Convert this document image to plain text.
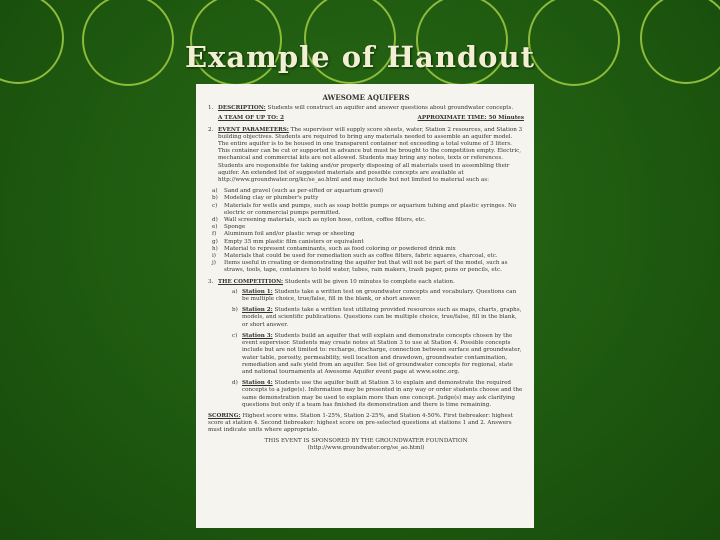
Example of Handout
AWESOME AQUIFERS
1. DESCRIPTION: Students will construct an aquifer and answer questions about groundwater concepts.
A TEAM OF UP TO: 2	APPROXIMATE TIME: 50 Minutes
2. EVENT PARAMETERS: The supervisor will supply score sheets, water, Station 2 resources, and Station 3 building objectives. Students are required to bring any materials needed to assemble an aquifer model. The entire aquifer is to be housed in one transparent container not exceeding a total volume of 3 liters. This container can be cut or supported in advance but must be brought to the competition empty. Electric, mechanical and commercial kits are not allowed. Students may bring any notes, texts or references. Students are responsible for taking and/or properly disposing of all materials used in assembling their aquifer. An extended list of suggested materials and possible concepts are available at http://www.groundwater.org/kc/se_ao.html and may include but not limited to material such as:
a)	Sand and gravel (such as per-sifted or aquarium gravel)
b)	Modeling clay or plumber's putty
c)	Materials for wells and pumps, such as soap bottle pumps or aquarium tubing and plastic syringes. No electric or commercial pumps permitted.
d)	Wall screening materials, such as nylon hose, cotton, coffee filters, etc.
e)	Sponge
f)	Aluminum foil and/or plastic wrap or sheeting
g)	Empty 35 mm plastic film canisters or equivalent
h)	Material to represent contaminants, such as food coloring or powdered drink mix
i)	Materials that could be used for remediation such as coffee filters, fabric squares, charcoal, etc.
j)	Items useful in creating or demonstrating the aquifer but that will not be part of the model, such as straws, tools, tape, containers to hold water, tubes, rain makers, trash paper, pens or pencils, etc.
3. THE COMPETITION: Students will be given 10 minutes to complete each station.
a) Station 1: Students take a written test on groundwater concepts and vocabulary. Questions can be multiple choice, true/false, fill in the blank, or short answer.
b) Station 2: Students take a written test utilizing provided resources such as maps, charts, graphs, models, and scientific publications. Questions can be multiple choice, true/false, fill in the blank, or short answer.
c) Station 3: Students build an aquifer that will explain and demonstrate concepts chosen by the event supervisor. Students may create notes at Station 3 to use at Station 4. Possible concepts include but are not limited to: recharge, discharge, connection between surface and groundwater, water table, porosity, permeability, well location and drawdown, groundwater contamination, remediation and safe yield from an aquifer. See list of groundwater concepts for regional, state and national tournaments at Awesome Aquifer event page at www.soinc.org.
d) Station 4: Students use the aquifer built at Station 3 to explain and demonstrate the required concepts to a judge(s). Information may be presented in any way or order students choose and the same demonstration may be used to explain more than one concept. Judge(s) may ask clarifying questions but only if a team has finished its demonstration and there is time remaining.
SCORING: Highest score wins. Station 1-25%, Station 2-25%, and Station 4-50%. First tiebreaker: highest score at station 4. Second tiebreaker: highest score on pre-selected questions at stations 1 and 2. Answers must indicate units where appropriate.
THIS EVENT IS SPONSORED BY THE GROUNDWATER FOUNDATION
(http://www.groundwater.org/se_ao.html)
